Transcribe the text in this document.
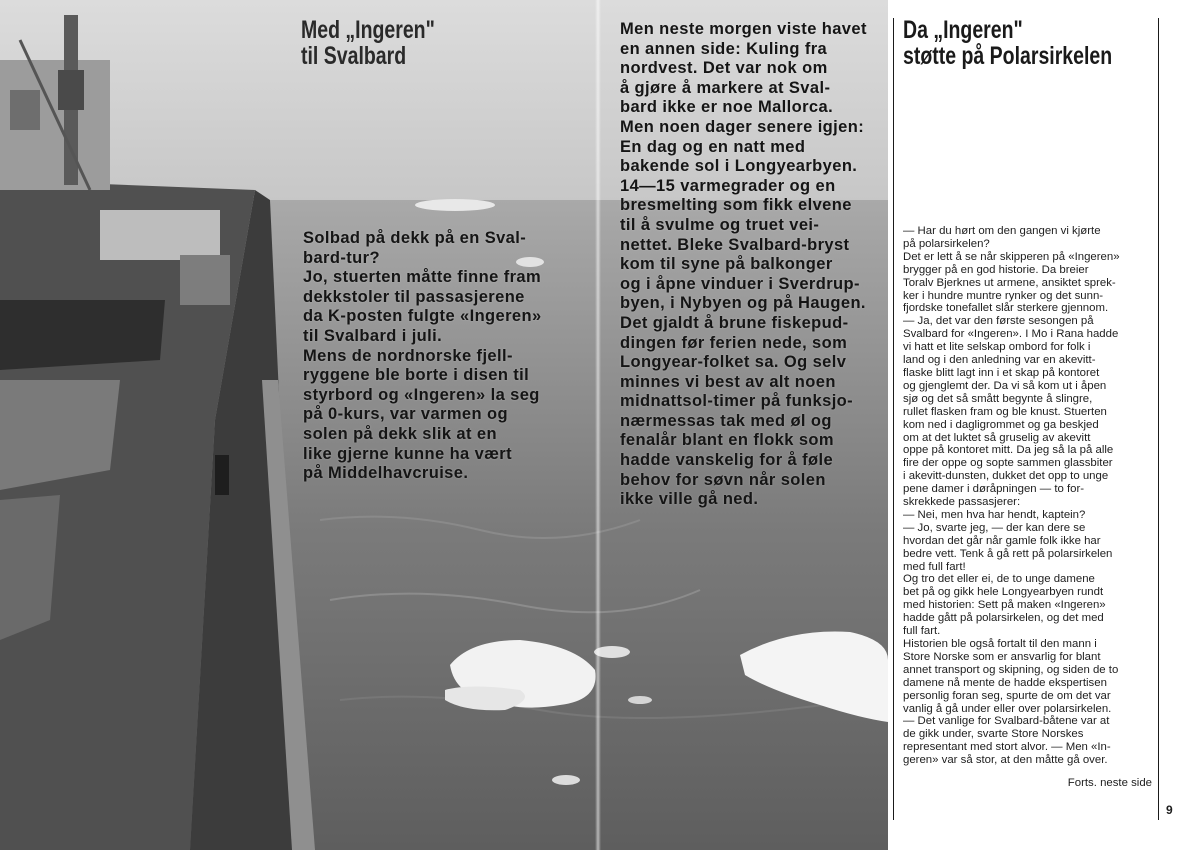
Med „Ingeren"
til Svalbard

Solbad på dekk på en Sval-
bard-tur?
Jo, stuerten måtte finne fram
dekkstoler til passasjerene
da K-posten fulgte «Ingeren»
til Svalbard i juli.
Mens de nordnorske fjell-
ryggene ble borte i disen til
styrbord og «Ingeren» la seg
på 0-kurs, var varmen og
solen på dekk slik at en
like gjerne kunne ha vært
på Middelhavcruise.

Men neste morgen viste havet
en annen side: Kuling fra
nordvest. Det var nok om
å gjøre å markere at Sval-
bard ikke er noe Mallorca.
Men noen dager senere igjen:
En dag og en natt med
bakende sol i Longyearbyen.
14—15 varmegrader og en
bresmelting som fikk elvene
til å svulme og truet vei-
nettet. Bleke Svalbard-bryst
kom til syne på balkonger
og i åpne vinduer i Sverdrup-
byen, i Nybyen og på Haugen.
Det gjaldt å brune fiskepud-
dingen før ferien nede, som
Longyear-folket sa. Og selv
minnes vi best av alt noen
midnattsol-timer på funksjo-
nærmessas tak med øl og
fenalår blant en flokk som
hadde vanskelig for å føle
behov for søvn når solen
ikke ville gå ned.

Da „Ingeren"
støtte på Polarsirkelen

— Har du hørt om den gangen vi kjørte
på polarsirkelen?
Det er lett å se når skipperen på «Ingeren»
brygger på en god historie. Da breier
Toralv Bjerknes ut armene, ansiktet sprek-
ker i hundre muntre rynker og det sunn-
fjordske tonefallet slår sterkere gjennom.
— Ja, det var den første sesongen på
Svalbard for «Ingeren». I Mo i Rana hadde
vi hatt et lite selskap ombord for folk i
land og i den anledning var en akevitt-
flaske blitt lagt inn i et skap på kontoret
og gjenglemt der. Da vi så kom ut i åpen
sjø og det så smått begynte å slingre,
rullet flasken fram og ble knust. Stuerten
kom ned i dagligrommet og ga beskjed
om at det luktet så gruselig av akevitt
oppe på kontoret mitt. Da jeg så la på alle
fire der oppe og sopte sammen glassbiter
i akevitt-dunsten, dukket det opp to unge
pene damer i døråpningen — to for-
skrekkede passasjerer:
— Nei, men hva har hendt, kaptein?
— Jo, svarte jeg, — der kan dere se
hvordan det går når gamle folk ikke har
bedre vett. Tenk å gå rett på polarsirkelen
med full fart!
Og tro det eller ei, de to unge damene
bet på og gikk hele Longyearbyen rundt
med historien: Sett på maken «Ingeren»
hadde gått på polarsirkelen, og det med
full fart.
Historien ble også fortalt til den mann i
Store Norske som er ansvarlig for blant
annet transport og skipning, og siden de to
damene nå mente de hadde ekspertisen
personlig foran seg, spurte de om det var
vanlig å gå under eller over polarsirkelen.
— Det vanlige for Svalbard-båtene var at
de gikk under, svarte Store Norskes
representant med stort alvor. — Men «In-
geren» var så stor, at den måtte gå over.

Forts. neste side

9
